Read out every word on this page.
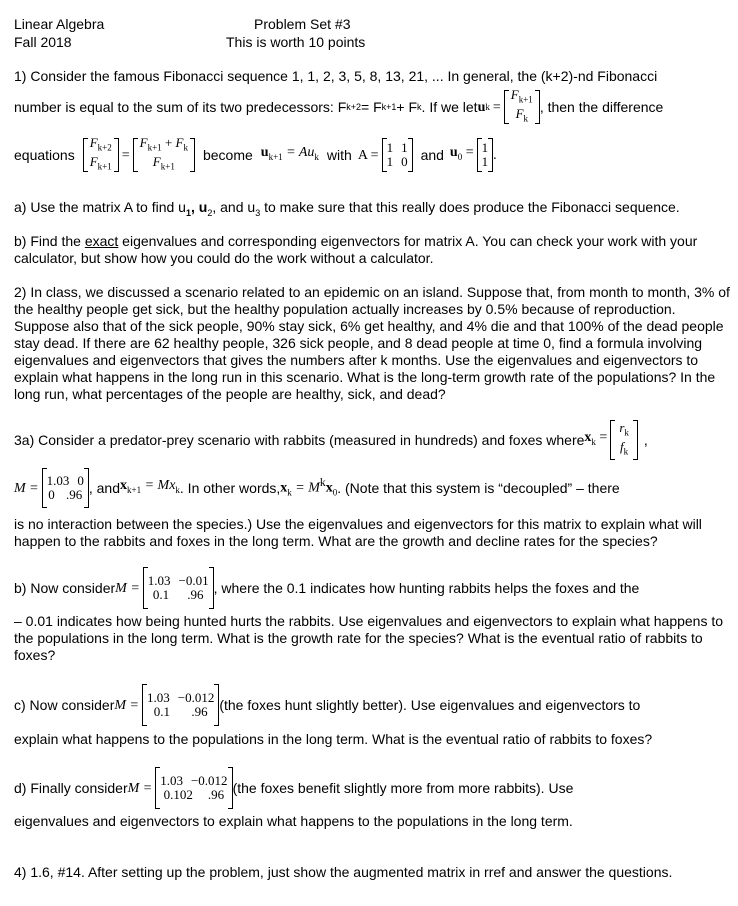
Linear Algebra
Fall 2018
Problem Set #3
This is worth 10 points
1) Consider the famous Fibonacci sequence 1, 1, 2, 3, 5, 8, 13, 21, ... In general, the (k+2)-nd Fibonacci
number is equal to the sum of its two predecessors: F k+2 = F k+1 + F k . If we let u k =
$F_{k+1}$
$F_k$
, then the difference
equations
$F_{k+2}$
$F_{k+1}$
=
$F_{k+1} + F_k$
$F_{k+1}$
become $u_{k+1} = Au_k$ with A = 1 1
1 0 and $u_0 = 1$
1 .
a) Use the matrix A to find $u_1$, $u_2$, and $u_3$ to make sure that this really does produce the Fibonacci sequence.
b) Find the exact eigenvalues and corresponding eigenvectors for matrix A. You can check your work with your calculator, but show how you could do the work without a calculator.
2) In class, we discussed a scenario related to an epidemic on an island. Suppose that, from month to month, 3% of the healthy people get sick, but the healthy population actually increases by 0.5% because of reproduction. Suppose also that of the sick people, 90% stay sick, 6% get healthy, and 4% die and that 100% of the dead people stay dead. If there are 62 healthy people, 326 sick people, and 8 dead people at time 0, find a formula involving eigenvalues and eigenvectors that gives the numbers after k months. Use the eigenvalues and eigenvectors to explain what happens in the long run in this scenario. What is the long-term growth rate of the populations? In the long run, what percentages of the people are healthy, sick, and dead?
3a) Consider a predator-prey scenario with rabbits (measured in hundreds) and foxes where $x_k$ =
$r_k$
$f_k$
,
M = 1.03 0
0 .96 , and $x_{k+1} = Mx_k$ . In other words, $x_k = M^kx_0$ . (Note that this system is “decoupled” – there
is no interaction between the species.) Use the eigenvalues and eigenvectors for this matrix to explain what will happen to the rabbits and foxes in the long term. What are the growth and decline rates for the species?
b) Now consider M = 1.03 −0.01
0.1 .96 , where the 0.1 indicates how hunting rabbits helps the foxes and the
– 0.01 indicates how being hunted hurts the rabbits. Use eigenvalues and eigenvectors to explain what happens to the populations in the long term. What is the growth rate for the species? What is the eventual ratio of rabbits to foxes?
c) Now consider M = 1.03 −0.012
0.1 .96 (the foxes hunt slightly better). Use eigenvalues and eigenvectors to
explain what happens to the populations in the long term. What is the eventual ratio of rabbits to foxes?
d) Finally consider M = 1.03 −0.012
0.102 .96 (the foxes benefit slightly more from more rabbits). Use
eigenvalues and eigenvectors to explain what happens to the populations in the long term.
4) 1.6, #14. After setting up the problem, just show the augmented matrix in rref and answer the questions.
